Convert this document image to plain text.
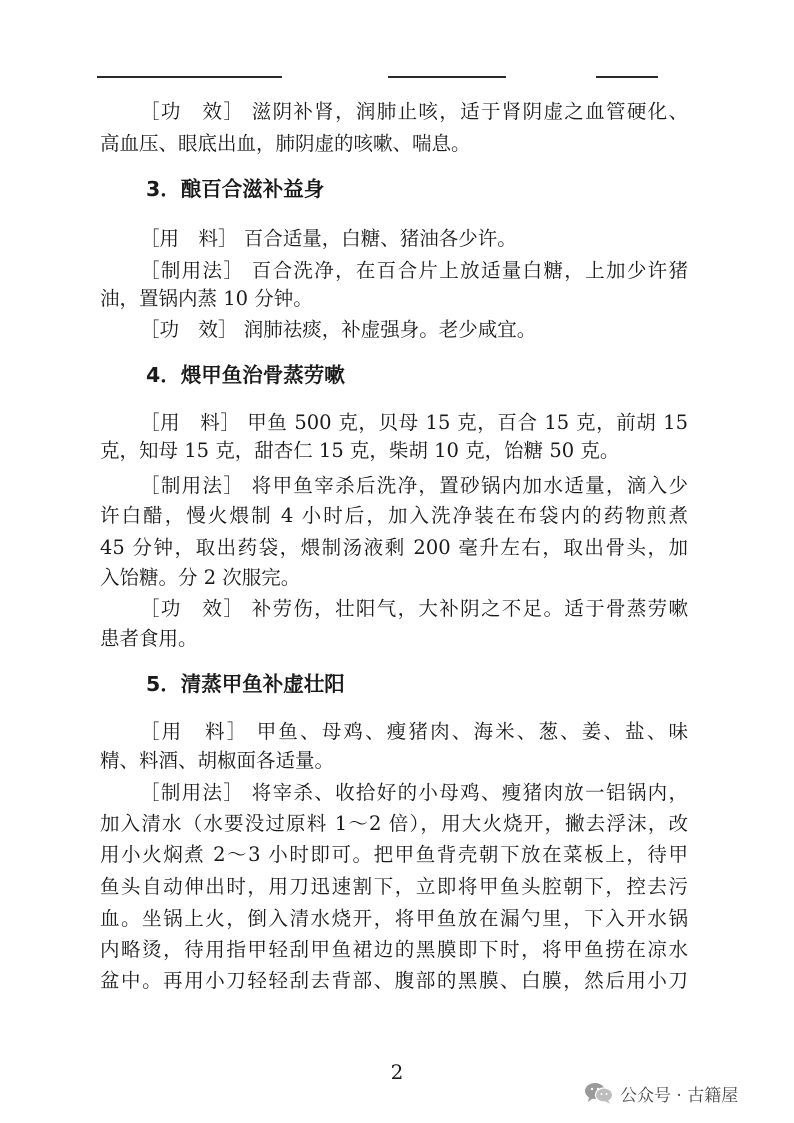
［功　效］ 滋阴补肾，润肺止咳，适于肾阴虚之血管硬化、
高血压、眼底出血，肺阴虚的咳嗽、喘息。
3．酿百合滋补益身
［用　料］ 百合适量，白糖、猪油各少许。
［制用法］ 百合洗净，在百合片上放适量白糖，上加少许猪
油，置锅内蒸 10 分钟。
［功　效］ 润肺祛痰，补虚强身。老少咸宜。
4．煨甲鱼治骨蒸劳嗽
［用　料］ 甲鱼 500 克，贝母 15 克，百合 15 克，前胡 15
克，知母 15 克，甜杏仁 15 克，柴胡 10 克，饴糖 50 克。
［制用法］ 将甲鱼宰杀后洗净，置砂锅内加水适量，滴入少
许白醋，慢火煨制 4 小时后，加入洗净装在布袋内的药物煎煮
45 分钟，取出药袋，煨制汤液剩 200 毫升左右，取出骨头，加
入饴糖。分 2 次服完。
［功　效］ 补劳伤，壮阳气，大补阴之不足。适于骨蒸劳嗽
患者食用。
5．清蒸甲鱼补虚壮阳
［用　料］ 甲鱼、母鸡、瘦猪肉、海米、葱、姜、盐、味
精、料酒、胡椒面各适量。
［制用法］ 将宰杀、收拾好的小母鸡、瘦猪肉放一铝锅内，
加入清水（水要没过原料 1～2 倍），用大火烧开，撇去浮沫，改
用小火焖煮 2～3 小时即可。把甲鱼背壳朝下放在菜板上，待甲
鱼头自动伸出时，用刀迅速割下，立即将甲鱼头腔朝下，控去污
血。坐锅上火，倒入清水烧开，将甲鱼放在漏勺里，下入开水锅
内略烫，待用指甲轻刮甲鱼裙边的黑膜即下时，将甲鱼捞在凉水
盆中。再用小刀轻轻刮去背部、腹部的黑膜、白膜，然后用小刀
2
公众号 · 古籍屋
